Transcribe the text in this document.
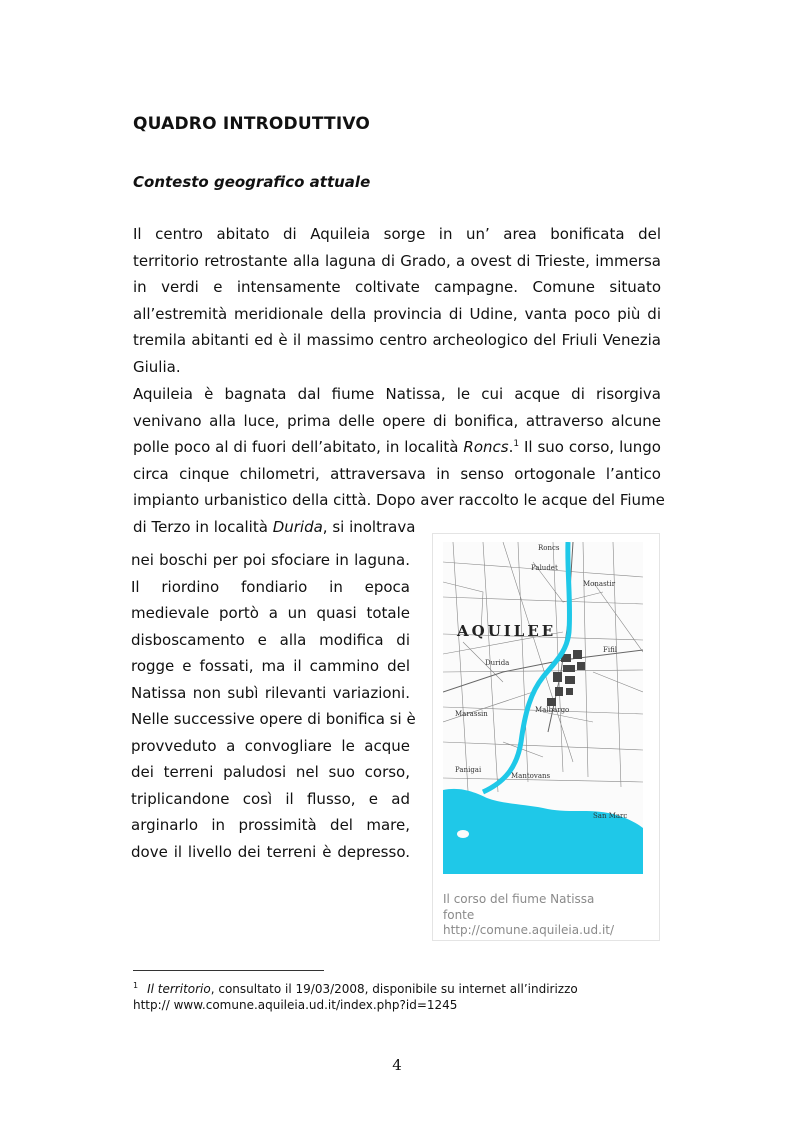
QUADRO INTRODUTTIVO
Contesto geografico attuale
Il centro abitato di Aquileia sorge in un’ area bonificata del
territorio retrostante alla laguna di Grado, a ovest di Trieste, immersa
in verdi e intensamente coltivate campagne. Comune situato
all’estremità meridionale della provincia di Udine, vanta poco più di
tremila abitanti ed è il massimo centro archeologico del Friuli Venezia
Giulia.
Aquileia è bagnata dal fiume Natissa, le cui acque di risorgiva
venivano alla luce, prima delle opere di bonifica, attraverso alcune
polle poco al di fuori dell’abitato, in località Roncs.$^1$ Il suo corso, lungo
circa cinque chilometri, attraversava in senso ortogonale l’antico
impianto urbanistico della città. Dopo aver raccolto le acque del Fiume
di Terzo in località Durida, si inoltrava
nei boschi per poi sfociare in laguna.
Il riordino fondiario in epoca
medievale portò a un quasi totale
disboscamento e alla modifica di
rogge e fossati, ma il cammino del
Natissa non subì rilevanti variazioni.
Nelle successive opere di bonifica si è
provveduto a convogliare le acque
dei terreni paludosi nel suo corso,
triplicandone così il flusso, e ad
arginarlo in prossimità del mare,
dove il livello dei terreni è depresso.
Roncs
Paludet
Monastir
Fifil
Durida
Marassin	Malbargo
Panigai
Mantovans
San Marc
AQUILEE
Il corso del fiume Natissa
fonte
http://comune.aquileia.ud.it/
$^1$ Il territorio, consultato il 19/03/2008, disponibile su internet all’indirizzo
http:// www.comune.aquileia.ud.it/index.php?id=1245
4
